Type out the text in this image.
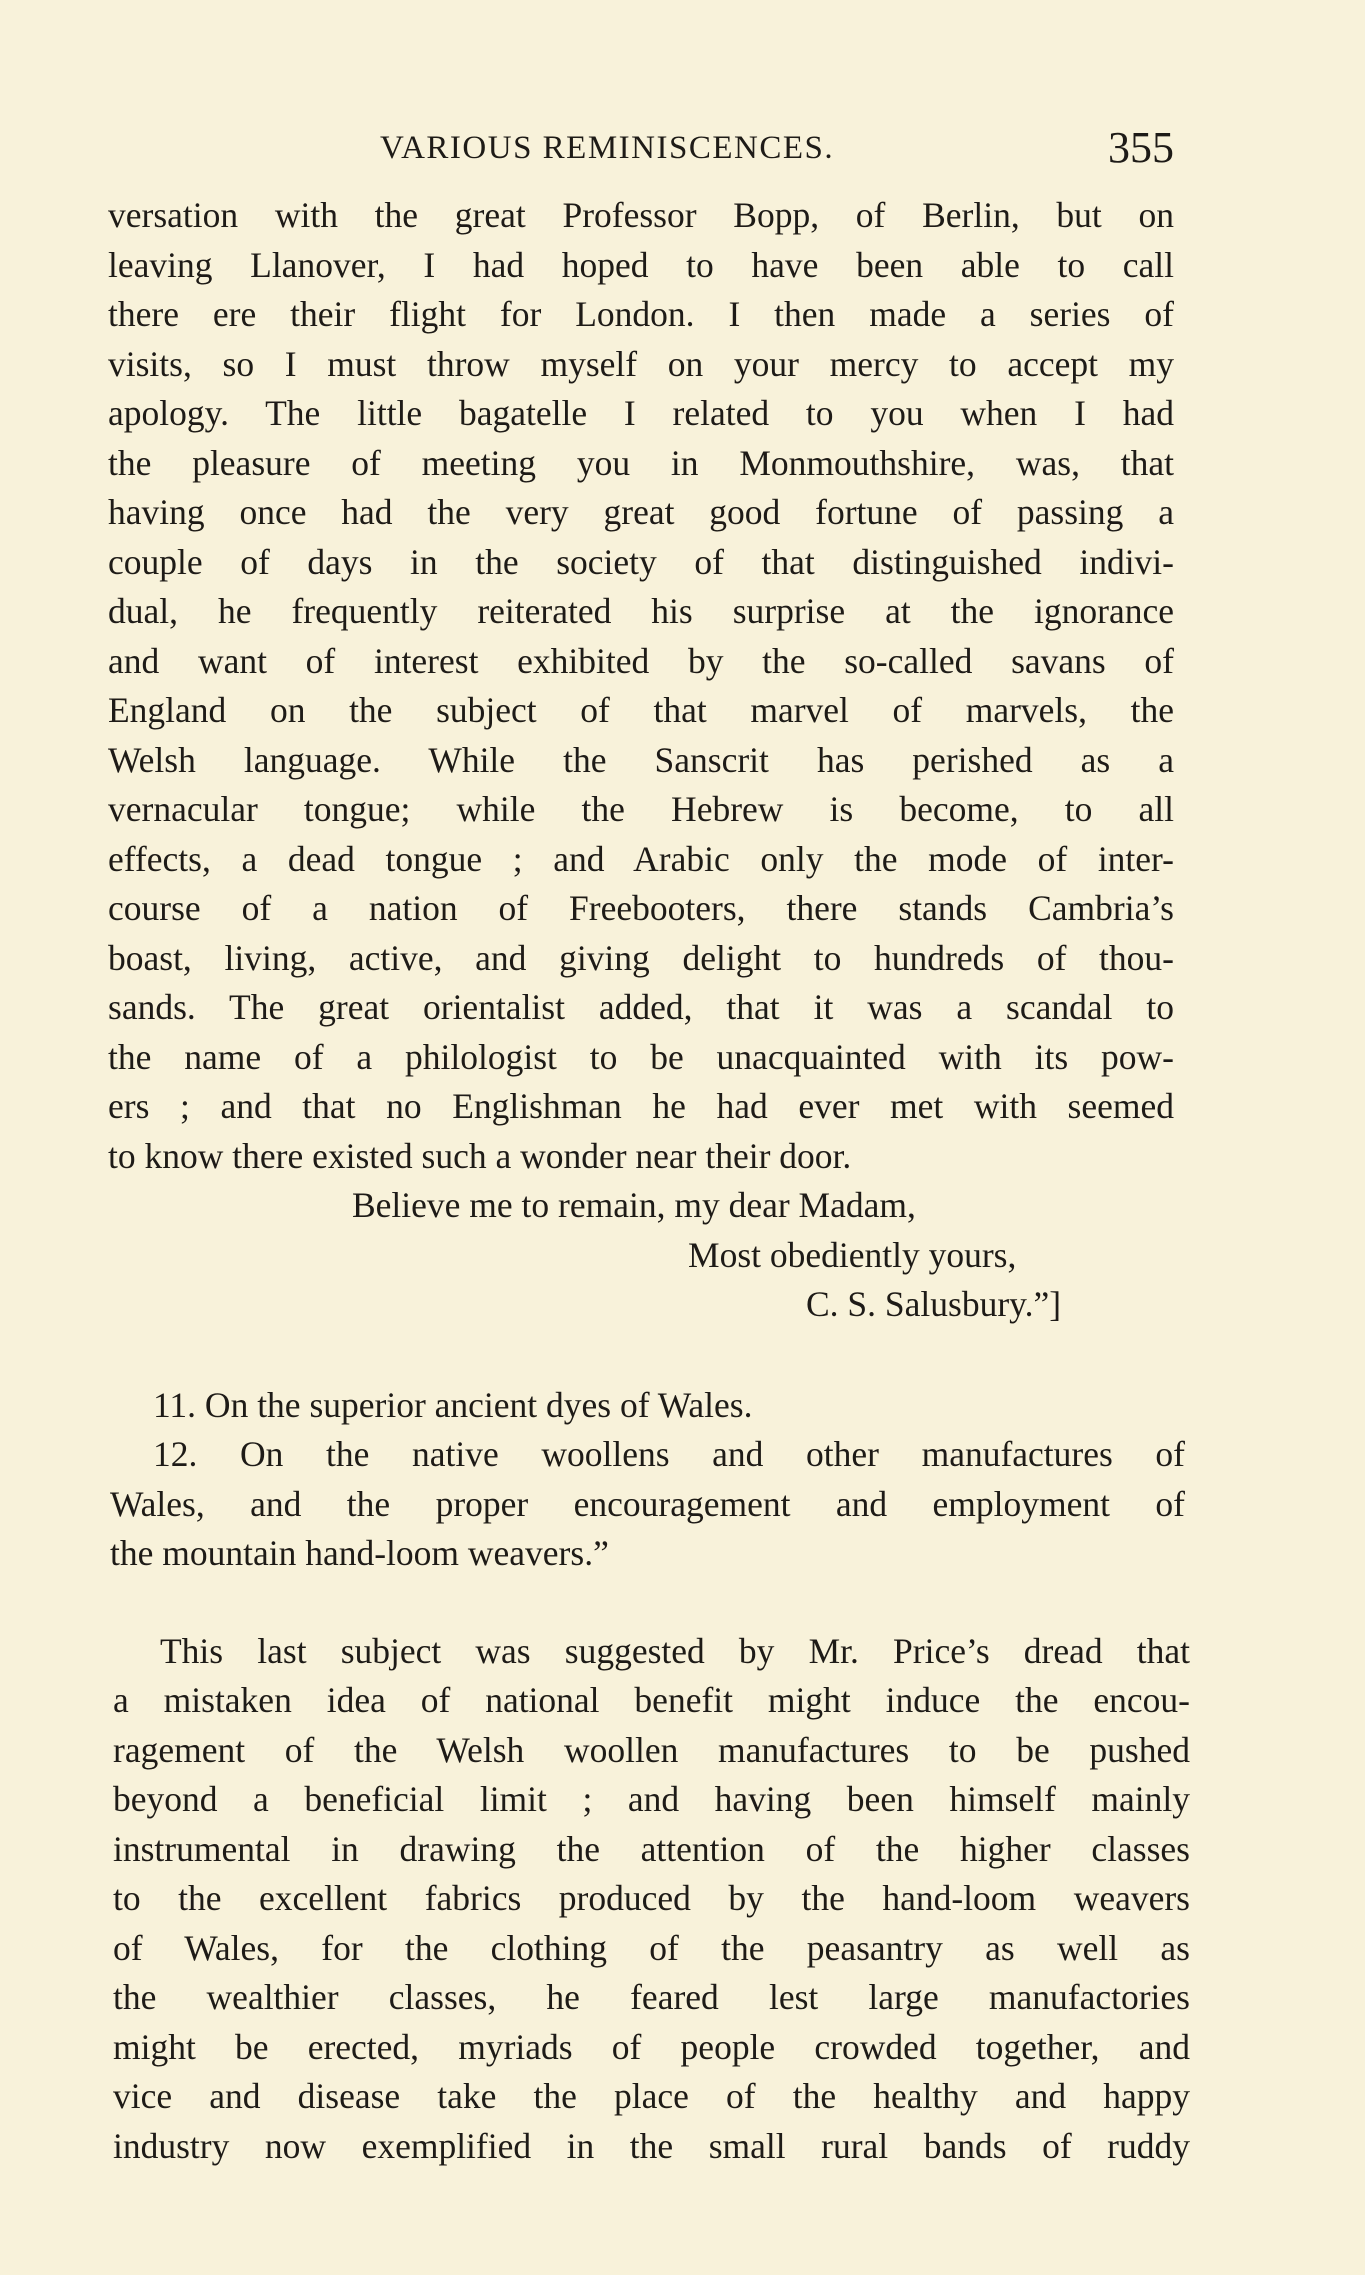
VARIOUS REMINISCENCES.	355
versation with the great Professor Bopp, of Berlin, but on
leaving Llanover, I had hoped to have been able to call
there ere their flight for London. I then made a series of
visits, so I must throw myself on your mercy to accept my
apology. The little bagatelle I related to you when I had
the pleasure of meeting you in Monmouthshire, was, that
having once had the very great good fortune of passing a
couple of days in the society of that distinguished indivi-
dual, he frequently reiterated his surprise at the ignorance
and want of interest exhibited by the so-called savans of
England on the subject of that marvel of marvels, the
Welsh language. While the Sanscrit has perished as a
vernacular tongue; while the Hebrew is become, to all
effects, a dead tongue ; and Arabic only the mode of inter-
course of a nation of Freebooters, there stands Cambria’s
boast, living, active, and giving delight to hundreds of thou-
sands. The great orientalist added, that it was a scandal to
the name of a philologist to be unacquainted with its pow-
ers ; and that no Englishman he had ever met with seemed
to know there existed such a wonder near their door.
Believe me to remain, my dear Madam,
Most obediently yours,
C. S. Salusbury.”]
11. On the superior ancient dyes of Wales.
12. On the native woollens and other manufactures of
Wales, and the proper encouragement and employment of
the mountain hand-loom weavers.”
This last subject was suggested by Mr. Price’s dread that
a mistaken idea of national benefit might induce the encou-
ragement of the Welsh woollen manufactures to be pushed
beyond a beneficial limit ; and having been himself mainly
instrumental in drawing the attention of the higher classes
to the excellent fabrics produced by the hand-loom weavers
of Wales, for the clothing of the peasantry as well as
the wealthier classes, he feared lest large manufactories
might be erected, myriads of people crowded together, and
vice and disease take the place of the healthy and happy
industry now exemplified in the small rural bands of ruddy
